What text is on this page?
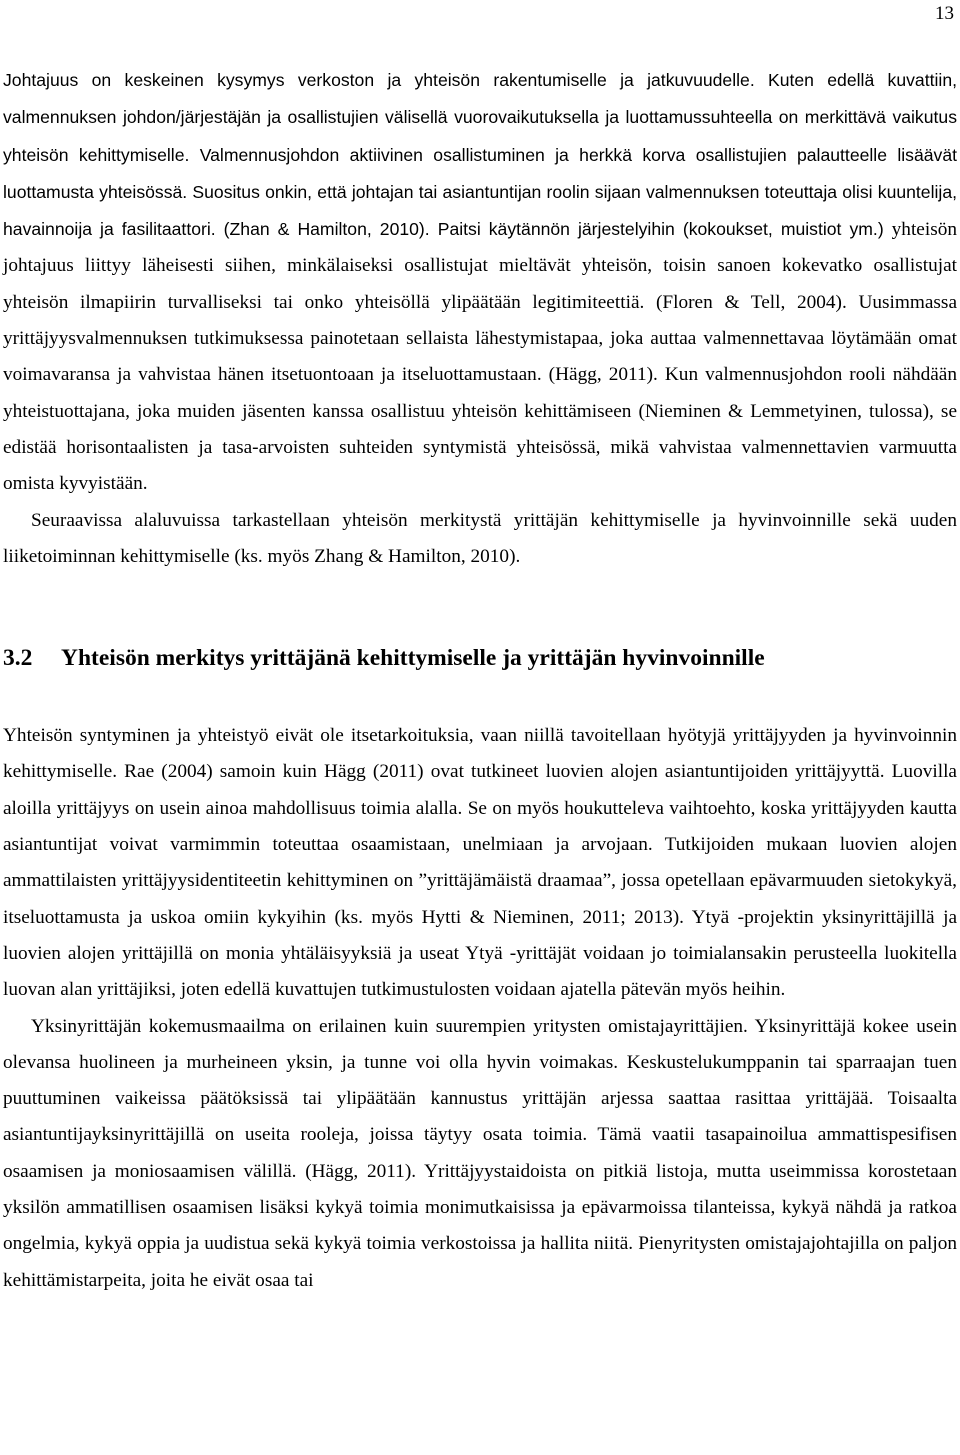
13

Johtajuus on keskeinen kysymys verkoston ja yhteisön rakentumiselle ja jatkuvuudelle. Kuten edellä kuvattiin, valmennuksen johdon/järjestäjän ja osallistujien välisellä vuorovaikutuksella ja luottamussuhteella on merkittävä vaikutus yhteisön kehittymiselle. Valmennusjohdon aktiivinen osallistuminen ja herkkä korva osallistujien palautteelle lisäävät luottamusta yhteisössä. Suositus onkin, että johtajan tai asiantuntijan roolin sijaan valmennuksen toteuttaja olisi kuuntelija, havainnoija ja fasilitaattori. (Zhan & Hamilton, 2010). Paitsi käytännön järjestelyihin (kokoukset, muistiot ym.) yhteisön johtajuus liittyy läheisesti siihen, minkälaiseksi osallistujat mieltävät yhteisön, toisin sanoen kokevatko osallistujat yhteisön ilmapiirin turvalliseksi tai onko yhteisöllä ylipäätään legitimiteettiä. (Floren & Tell, 2004). Uusimmassa yrittäjyysvalmennuksen tutkimuksessa painotetaan sellaista lähestymistapaa, joka auttaa valmennettavaa löytämään omat voimavaransa ja vahvistaa hänen itsetuontoaan ja itseluottamustaan. (Hägg, 2011). Kun valmennusjohdon rooli nähdään yhteistuottajana, joka muiden jäsenten kanssa osallistuu yhteisön kehittämiseen (Nieminen & Lemmetyinen, tulossa), se edistää horisontaalisten ja tasa-arvoisten suhteiden syntymistä yhteisössä, mikä vahvistaa valmennettavien varmuutta omista kyvyistään.

Seuraavissa alaluvuissa tarkastellaan yhteisön merkitystä yrittäjän kehittymiselle ja hyvinvoinnille sekä uuden liiketoiminnan kehittymiselle (ks. myös Zhang & Hamilton, 2010).

3.2	Yhteisön merkitys yrittäjänä kehittymiselle ja yrittäjän hyvinvoinnille

Yhteisön syntyminen ja yhteistyö eivät ole itsetarkoituksia, vaan niillä tavoitellaan hyötyjä yrittäjyyden ja hyvinvoinnin kehittymiselle. Rae (2004) samoin kuin Hägg (2011) ovat tutkineet luovien alojen asiantuntijoiden yrittäjyyttä. Luovilla aloilla yrittäjyys on usein ainoa mahdollisuus toimia alalla. Se on myös houkutteleva vaihtoehto, koska yrittäjyyden kautta asiantuntijat voivat varmimmin toteuttaa osaamistaan, unelmiaan ja arvojaan. Tutkijoiden mukaan luovien alojen ammattilaisten yrittäjyysidentiteetin kehittyminen on ”yrittäjämäistä draamaa”, jossa opetellaan epävarmuuden sietokykyä, itseluottamusta ja uskoa omiin kykyihin (ks. myös Hytti & Nieminen, 2011; 2013). Ytyä -projektin yksinyrittäjillä ja luovien alojen yrittäjillä on monia yhtäläisyyksiä ja useat Ytyä -yrittäjät voidaan jo toimialansakin perusteella luokitella luovan alan yrittäjiksi, joten edellä kuvattujen tutkimustulosten voidaan ajatella pätevän myös heihin.

Yksinyrittäjän kokemusmaailma on erilainen kuin suurempien yritysten omistajayrittäjien. Yksinyrittäjä kokee usein olevansa huolineen ja murheineen yksin, ja tunne voi olla hyvin voimakas. Keskustelukumppanin tai sparraajan tuen puuttuminen vaikeissa päätöksissä tai ylipäätään kannustus yrittäjän arjessa saattaa rasittaa yrittäjää. Toisaalta asiantuntijayksinyrittäjillä on useita rooleja, joissa täytyy osata toimia. Tämä vaatii tasapainoilua ammattispesifisen osaamisen ja moniosaamisen välillä. (Hägg, 2011). Yrittäjyystaidoista on pitkiä listoja, mutta useimmissa korostetaan yksilön ammatillisen osaamisen lisäksi kykyä toimia monimutkaisissa ja epävarmoissa tilanteissa, kykyä nähdä ja ratkoa ongelmia, kykyä oppia ja uudistua sekä kykyä toimia verkostoissa ja hallita niitä. Pienyritysten omistajajohtajilla on paljon kehittämistarpeita, joita he eivät osaa tai
